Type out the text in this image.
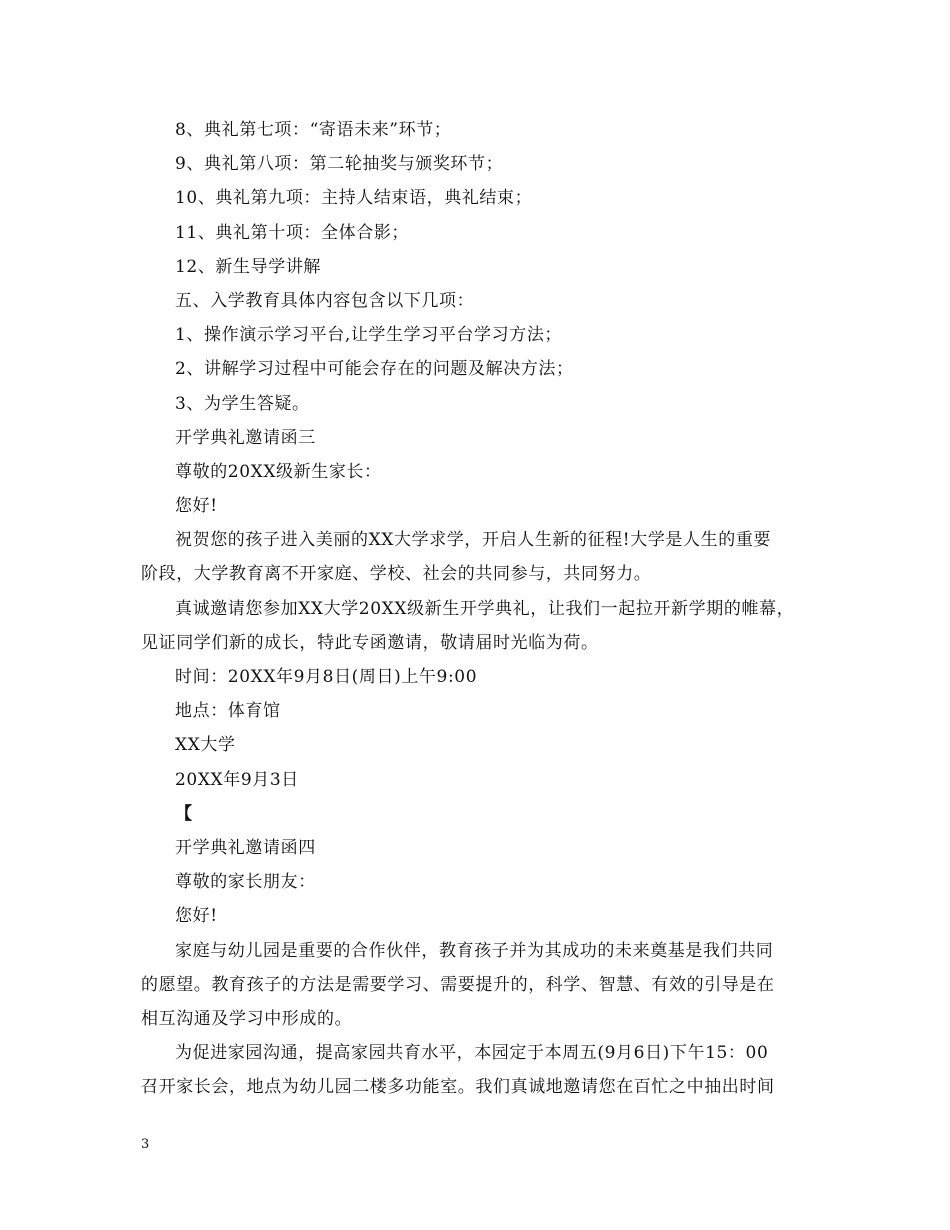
8、典礼第七项：“寄语未来”环节；
9、典礼第八项：第二轮抽奖与颁奖环节；
10、典礼第九项：主持人结束语，典礼结束；
11、典礼第十项：全体合影；
12、新生导学讲解
五、入学教育具体内容包含以下几项：
1、操作演示学习平台,让学生学习平台学习方法；
2、讲解学习过程中可能会存在的问题及解决方法；
3、为学生答疑。
开学典礼邀请函三
尊敬的20XX级新生家长：
您好!
祝贺您的孩子进入美丽的XX大学求学，开启人生新的征程!大学是人生的重要
阶段，大学教育离不开家庭、学校、社会的共同参与，共同努力。
真诚邀请您参加XX大学20XX级新生开学典礼，让我们一起拉开新学期的帷幕，
见证同学们新的成长，特此专函邀请，敬请届时光临为荷。
时间：20XX年9月8日(周日)上午9:00
地点：体育馆
XX大学
20XX年9月3日
【
开学典礼邀请函四
尊敬的家长朋友：
您好!
家庭与幼儿园是重要的合作伙伴，教育孩子并为其成功的未来奠基是我们共同
的愿望。教育孩子的方法是需要学习、需要提升的，科学、智慧、有效的引导是在
相互沟通及学习中形成的。
为促进家园沟通，提高家园共育水平，本园定于本周五(9月6日)下午15：00
召开家长会，地点为幼儿园二楼多功能室。我们真诚地邀请您在百忙之中抽出时间
3
